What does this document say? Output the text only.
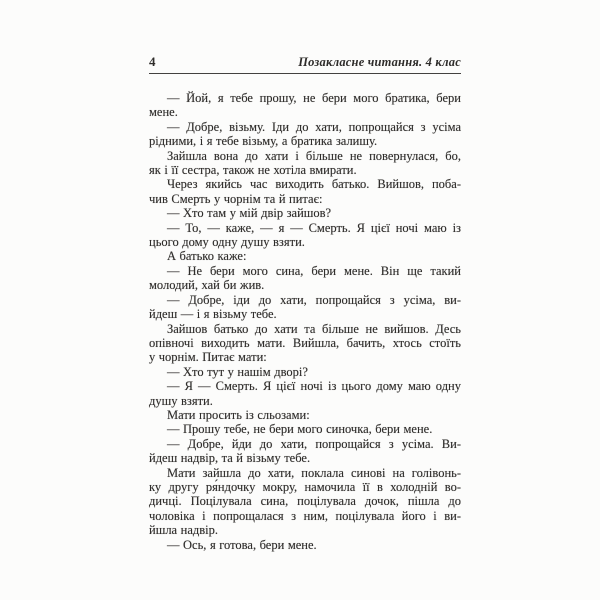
4	Позакласне читання. 4 клас
— Йой, я тебе прошу, не бери мого братика, бери
мене.
— Добре, візьму. Іди до хати, попрощайся з усіма
рідними, і я тебе візьму, а братика залишу.
Зайшла вона до хати і більше не повернулася, бо,
як і її сестра, також не хотіла вмирати.
Через якийсь час виходить батько. Вийшов, поба-
чив Смерть у чорнім та й питає:
— Хто там у мій двір зайшов?
— То, — каже, — я — Смерть. Я цієї ночі маю із
цього дому одну душу взяти.
А батько каже:
— Не бери мого сина, бери мене. Він ще такий
молодий, хай би жив.
— Добре, іди до хати, попрощайся з усіма, ви-
йдеш — і я візьму тебе.
Зайшов батько до хати та більше не вийшов. Десь
опівночі виходить мати. Вийшла, бачить, хтось стоїть
у чорнім. Питає мати:
— Хто тут у нашім дворі?
— Я — Смерть. Я цієї ночі із цього дому маю одну
душу взяти.
Мати просить із сльозами:
— Прошу тебе, не бери мого синочка, бери мене.
— Добре, йди до хати, попрощайся з усіма. Ви-
йдеш надвір, та й візьму тебе.
Мати зайшла до хати, поклала синові на голівонь-
ку другу ря́ндочку мокру, намочила її в холодній во-
дичці. Поцілувала сина, поцілувала дочок, пішла до
чоловіка і попрощалася з ним, поцілувала його і ви-
йшла надвір.
— Ось, я готова, бери мене.
